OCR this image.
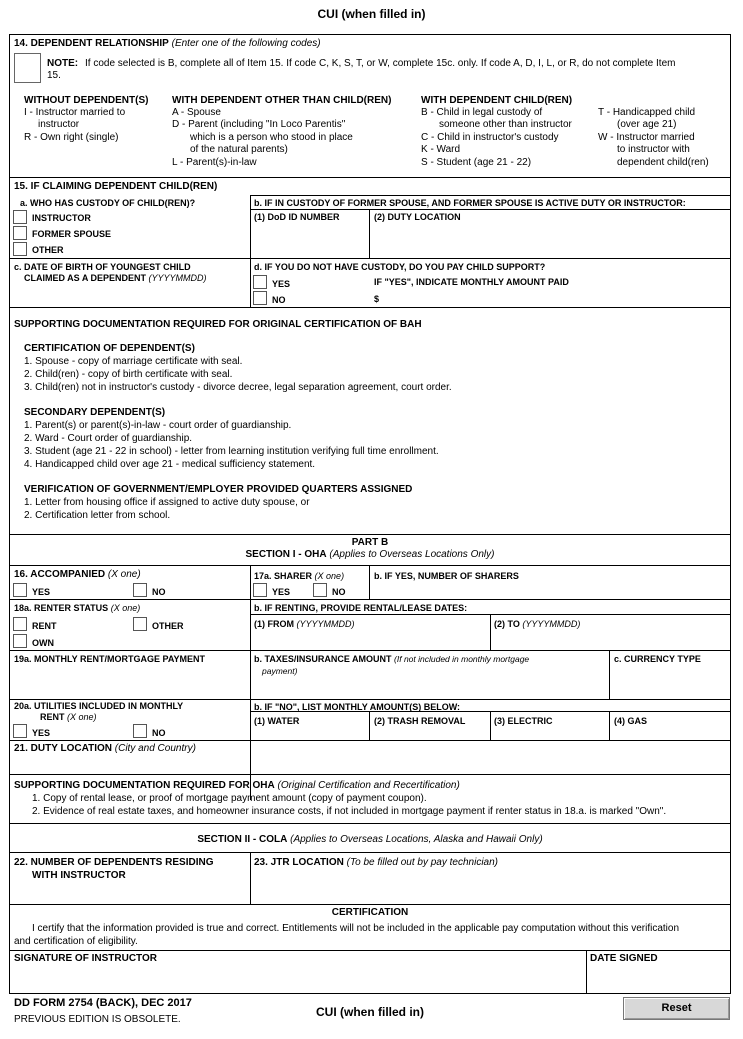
CUI (when filled in)
14. DEPENDENT RELATIONSHIP (Enter one of the following codes)
NOTE: If code selected is B, complete all of Item 15. If code C, K, S, T, or W, complete 15c. only. If code A, D, I, L, or R, do not complete Item
15.
WITHOUT DEPENDENT(S)
I - Instructor married to
instructor
R - Own right (single)
WITH DEPENDENT OTHER THAN CHILD(REN)
A - Spouse
D - Parent (including "In Loco Parentis"
which is a person who stood in place
of the natural parents)
L - Parent(s)-in-law
WITH DEPENDENT CHILD(REN)
B - Child in legal custody of
someone other than instructor
C - Child in instructor's custody
K - Ward
S - Student (age 21 - 22)
T - Handicapped child
(over age 21)
W - Instructor married
to instructor with
dependent child(ren)
15. IF CLAIMING DEPENDENT CHILD(REN)
a. WHO HAS CUSTODY OF CHILD(REN)?	b. IF IN CUSTODY OF FORMER SPOUSE, AND FORMER SPOUSE IS ACTIVE DUTY OR INSTRUCTOR:
(1) DoD ID NUMBER	(2) DUTY LOCATION
INSTRUCTOR
FORMER SPOUSE
OTHER
c. DATE OF BIRTH OF YOUNGEST CHILD
CLAIMED AS A DEPENDENT (YYYYMMDD)
d. IF YOU DO NOT HAVE CUSTODY, DO YOU PAY CHILD SUPPORT?
YES
NO
IF "YES", INDICATE MONTHLY AMOUNT PAID
$
SUPPORTING DOCUMENTATION REQUIRED FOR ORIGINAL CERTIFICATION OF BAH
CERTIFICATION OF DEPENDENT(S)
1. Spouse - copy of marriage certificate with seal.
2. Child(ren) - copy of birth certificate with seal.
3. Child(ren) not in instructor's custody - divorce decree, legal separation agreement, court order.
SECONDARY DEPENDENT(S)
1. Parent(s) or parent(s)-in-law - court order of guardianship.
2. Ward - Court order of guardianship.
3. Student (age 21 - 22 in school) - letter from learning institution verifying full time enrollment.
4. Handicapped child over age 21 - medical sufficiency statement.
VERIFICATION OF GOVERNMENT/EMPLOYER PROVIDED QUARTERS ASSIGNED
1. Letter from housing office if assigned to active duty spouse, or
2. Certification letter from school.
PART B
SECTION I - OHA (Applies to Overseas Locations Only)
16. ACCOMPANIED (X one)
YES	NO
17a. SHARER (X one)
YES	NO
b. IF YES, NUMBER OF SHARERS
18a. RENTER STATUS (X one)
RENT	OTHER
OWN
b. IF RENTING, PROVIDE RENTAL/LEASE DATES:
(1) FROM (YYYYMMDD)	(2) TO (YYYYMMDD)
19a. MONTHLY RENT/MORTGAGE PAYMENT	b. TAXES/INSURANCE AMOUNT (If not included in monthly mortgage
payment)
c. CURRENCY TYPE
20a. UTILITIES INCLUDED IN MONTHLY
RENT (X one)
YES	NO
b. IF "NO", LIST MONTHLY AMOUNT(S) BELOW:
(1) WATER	(2) TRASH REMOVAL	(3) ELECTRIC	(4) GAS
21. DUTY LOCATION (City and Country)
SUPPORTING DOCUMENTATION REQUIRED FOR OHA (Original Certification and Recertification)
1. Copy of rental lease, or proof of mortgage payment amount (copy of payment coupon).
2. Evidence of real estate taxes, and homeowner insurance costs, if not included in mortgage payment if renter status in 18.a. is marked "Own".
SECTION II - COLA (Applies to Overseas Locations, Alaska and Hawaii Only)
22. NUMBER OF DEPENDENTS RESIDING
WITH INSTRUCTOR
23. JTR LOCATION (To be filled out by pay technician)
CERTIFICATION
I certify that the information provided is true and correct. Entitlements will not be included in the applicable pay computation without this verification
and certification of eligibility.
SIGNATURE OF INSTRUCTOR	DATE SIGNED
DD FORM 2754 (BACK), DEC 2017
PREVIOUS EDITION IS OBSOLETE.
CUI (when filled in)	Reset
